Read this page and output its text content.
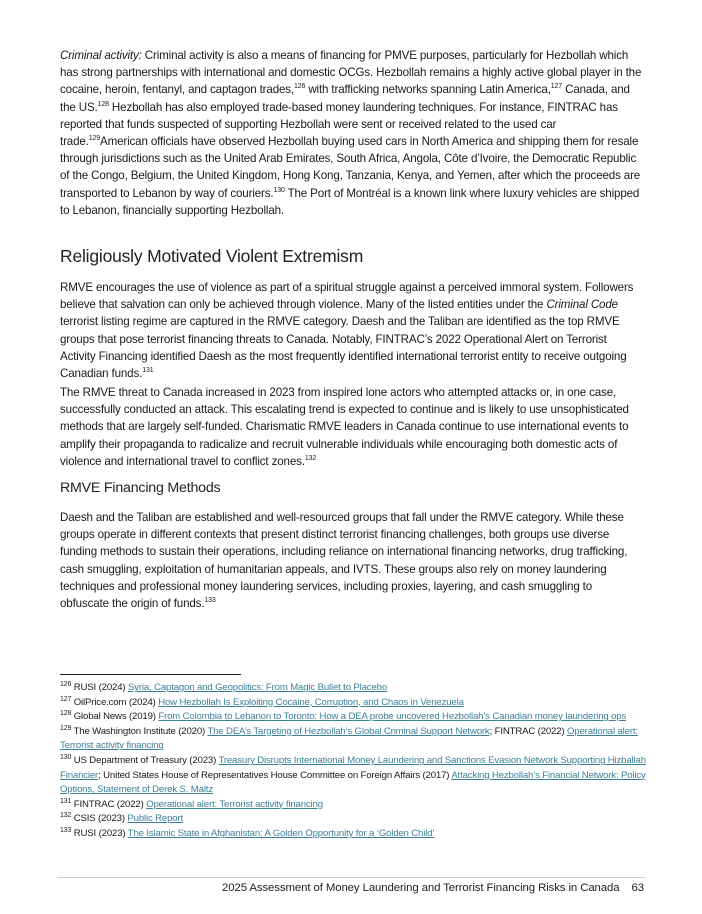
Criminal activity: Criminal activity is also a means of financing for PMVE purposes, particularly for Hezbollah which has strong partnerships with international and domestic OCGs. Hezbollah remains a highly active global player in the cocaine, heroin, fentanyl, and captagon trades,$^{126}$ with trafficking networks spanning Latin America,$^{127}$ Canada, and the US.$^{128}$ Hezbollah has also employed trade-based money laundering techniques. For instance, FINTRAC has reported that funds suspected of supporting Hezbollah were sent or received related to the used car trade.$^{129}$American officials have observed Hezbollah buying used cars in North America and shipping them for resale through jurisdictions such as the United Arab Emirates, South Africa, Angola, Côte d’Ivoire, the Democratic Republic of the Congo, Belgium, the United Kingdom, Hong Kong, Tanzania, Kenya, and Yemen, after which the proceeds are transported to Lebanon by way of couriers.$^{130}$ The Port of Montréal is a known link where luxury vehicles are shipped to Lebanon, financially supporting Hezbollah.

Religiously Motivated Violent Extremism

RMVE encourages the use of violence as part of a spiritual struggle against a perceived immoral system. Followers believe that salvation can only be achieved through violence. Many of the listed entities under the Criminal Code terrorist listing regime are captured in the RMVE category. Daesh and the Taliban are identified as the top RMVE groups that pose terrorist financing threats to Canada. Notably, FINTRAC’s 2022 Operational Alert on Terrorist Activity Financing identified Daesh as the most frequently identified international terrorist entity to receive outgoing Canadian funds.$^{131}$

The RMVE threat to Canada increased in 2023 from inspired lone actors who attempted attacks or, in one case, successfully conducted an attack. This escalating trend is expected to continue and is likely to use unsophisticated methods that are largely self-funded. Charismatic RMVE leaders in Canada continue to use international events to amplify their propaganda to radicalize and recruit vulnerable individuals while encouraging both domestic acts of violence and international travel to conflict zones.$^{132}$

RMVE Financing Methods

Daesh and the Taliban are established and well-resourced groups that fall under the RMVE category. While these groups operate in different contexts that present distinct terrorist financing challenges, both groups use diverse funding methods to sustain their operations, including reliance on international financing networks, drug trafficking, cash smuggling, exploitation of humanitarian appeals, and IVTS. These groups also rely on money laundering techniques and professional money laundering services, including proxies, layering, and cash smuggling to obfuscate the origin of funds.$^{133}$

$^{126}$ RUSI (2024) Syria, Captagon and Geopolitics: From Magic Bullet to Placebo

$^{127}$ OilPrice.com (2024) How Hezbollah Is Exploiting Cocaine, Corruption, and Chaos in Venezuela

$^{128}$ Global News (2019) From Colombia to Lebanon to Toronto: How a DEA probe uncovered Hezbollah’s Canadian money laundering ops

$^{129}$ The Washington Institute (2020) The DEA’s Targeting of Hezbollah’s Global Criminal Support Network; FINTRAC (2022) Operational alert: Terrorist activity financing

$^{130}$ US Department of Treasury (2023) Treasury Disrupts International Money Laundering and Sanctions Evasion Network Supporting Hizballah Financier; United States House of Representatives House Committee on Foreign Affairs (2017) Attacking Hezbollah’s Financial Network: Policy Options, Statement of Derek S. Maltz

$^{131}$ FINTRAC (2022) Operational alert: Terrorist activity financing

$^{132}$ CSIS (2023) Public Report

$^{133}$ RUSI (2023) The Islamic State in Afghanistan: A Golden Opportunity for a ‘Golden Child’

2025 Assessment of Money Laundering and Terrorist Financing Risks in Canada 63
